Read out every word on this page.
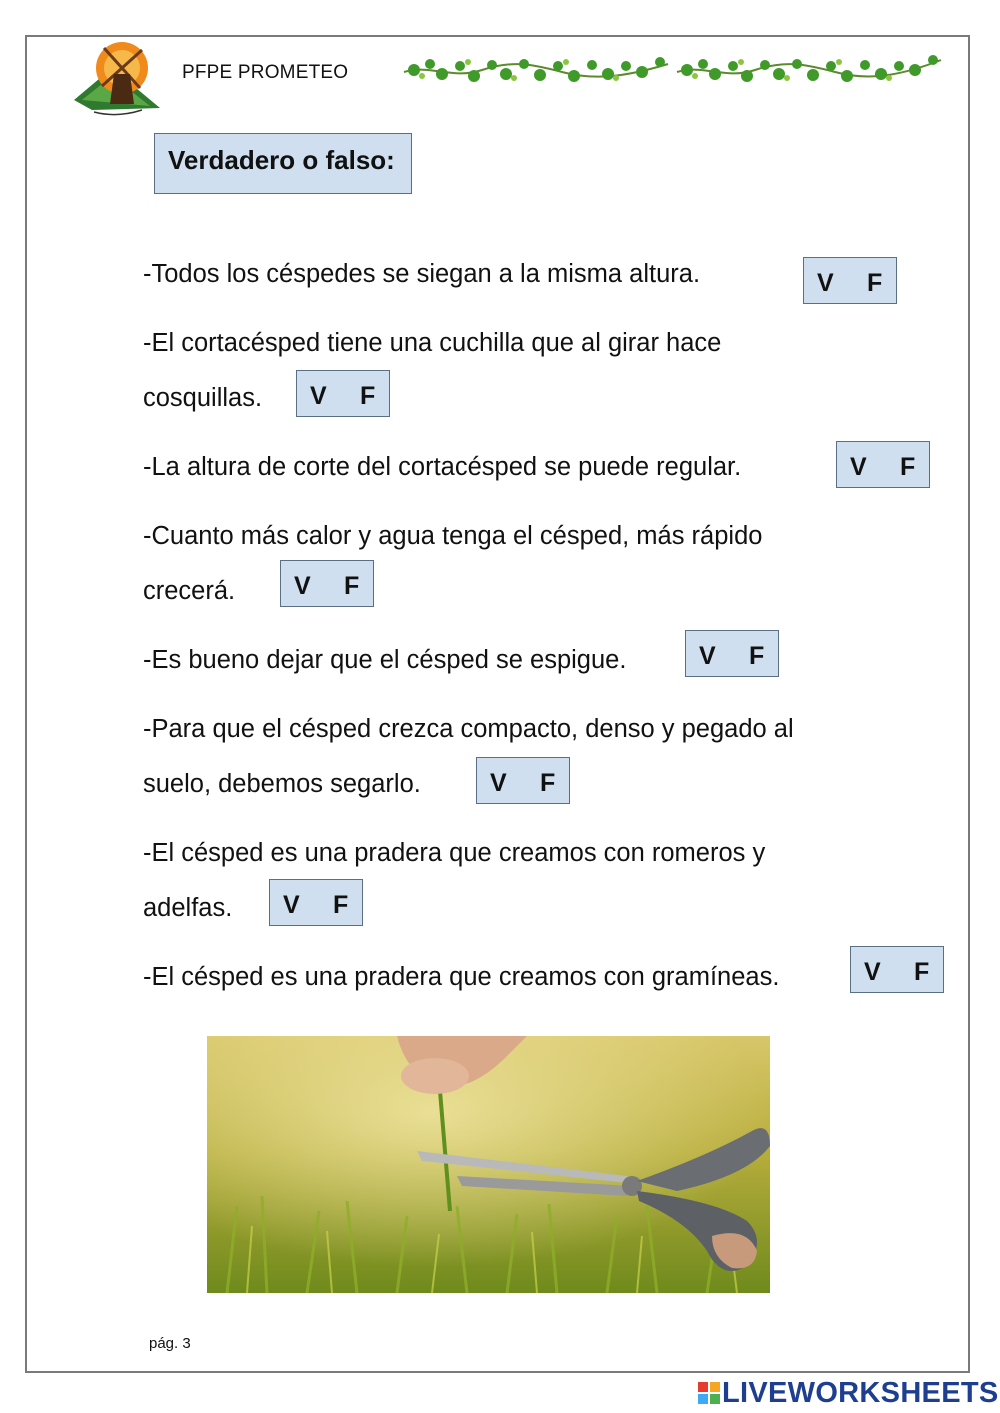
PFPE PROMETEO
Verdadero o falso:
-Todos los céspedes se siegan a la misma altura.	V F
-El cortacésped tiene una cuchilla que al girar hace
cosquillas. V F
-La altura de corte del cortacésped se puede regular.	V F
-Cuanto más calor y agua tenga el césped, más rápido
crecerá. V F
-Es bueno dejar que el césped se espigue.	V F
-Para que el césped crezca compacto, denso y pegado al
suelo, debemos segarlo.	V F
-El césped es una pradera que creamos con romeros y
adelfas. V F
-El césped es una pradera que creamos con gramíneas.	V F
pág. 3
LIVEWORKSHEETS
